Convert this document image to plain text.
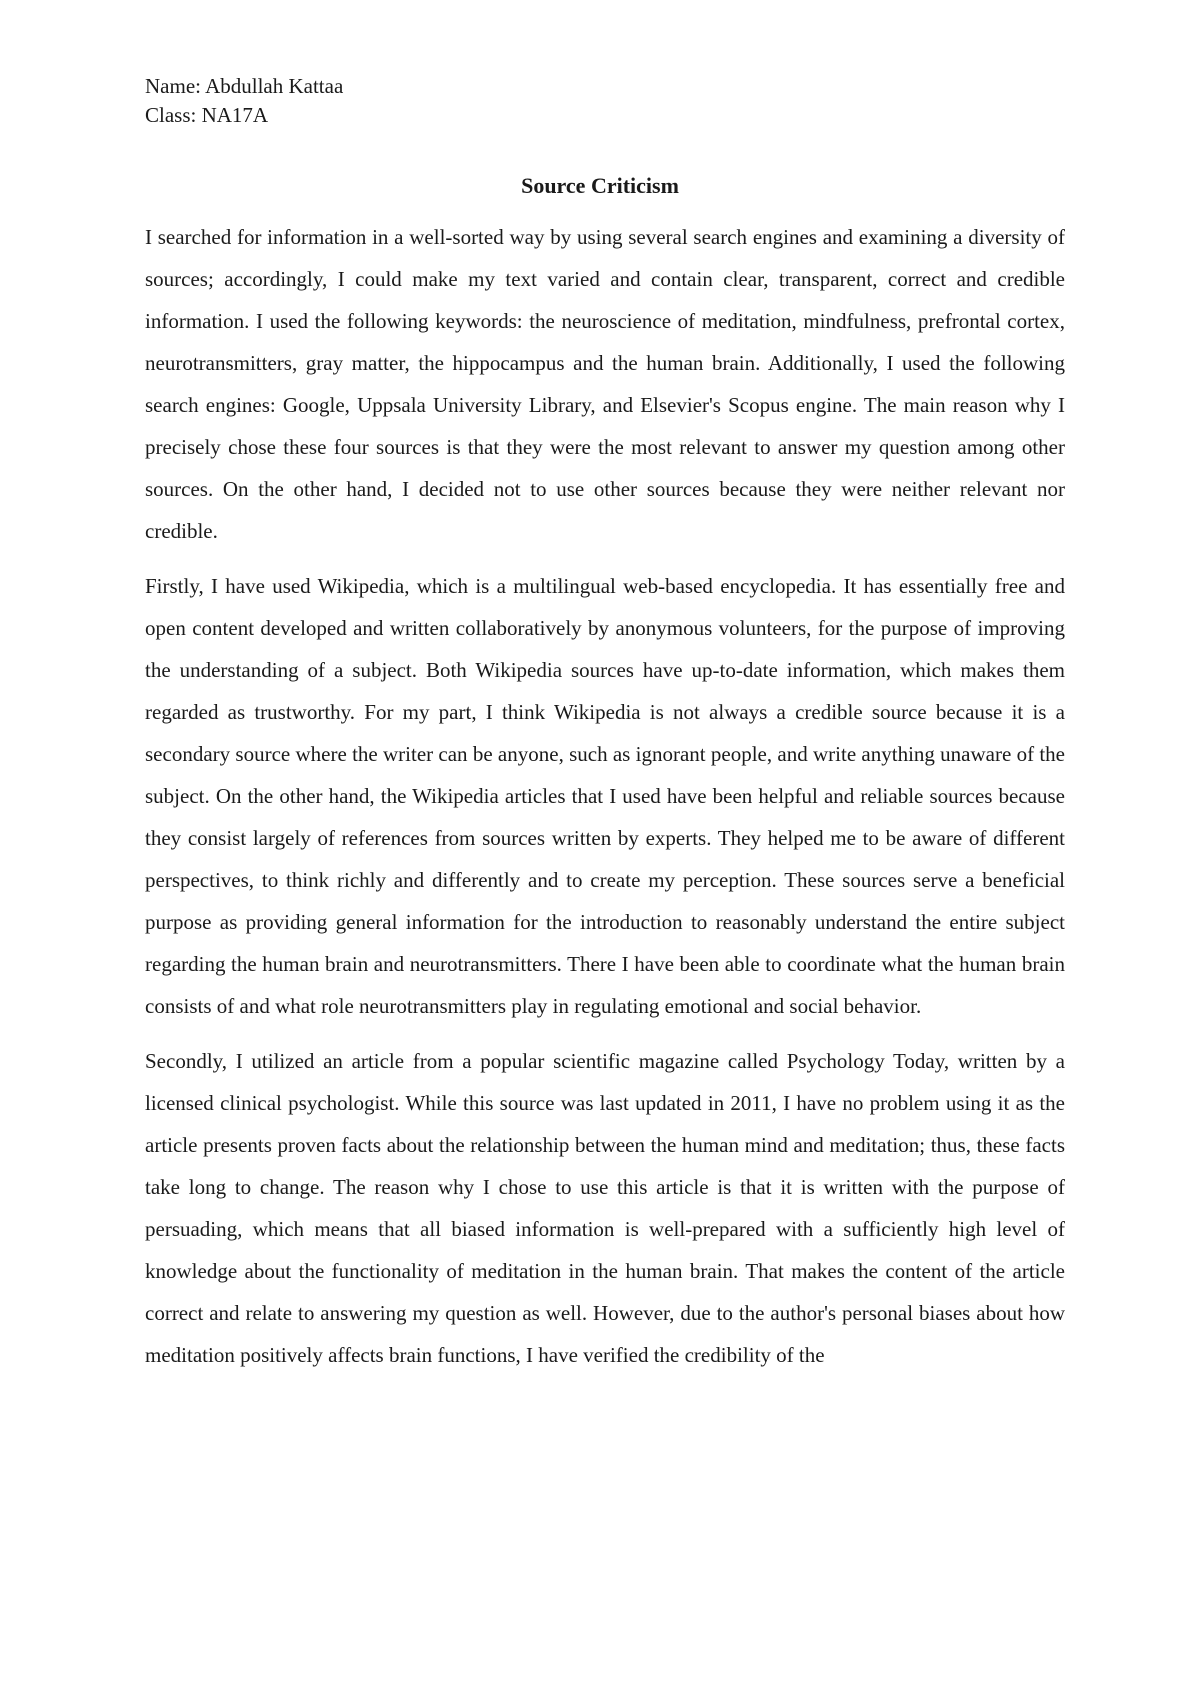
Name: Abdullah Kattaa
Class: NA17A
Source Criticism

I searched for information in a well-sorted way by using several search engines and examining a diversity of sources; accordingly, I could make my text varied and contain clear, transparent, correct and credible information. I used the following keywords: the neuroscience of meditation, mindfulness, prefrontal cortex, neurotransmitters, gray matter, the hippocampus and the human brain. Additionally, I used the following search engines: Google, Uppsala University Library, and Elsevier's Scopus engine. The main reason why I precisely chose these four sources is that they were the most relevant to answer my question among other sources. On the other hand, I decided not to use other sources because they were neither relevant nor credible.

Firstly, I have used Wikipedia, which is a multilingual web-based encyclopedia. It has essentially free and open content developed and written collaboratively by anonymous volunteers, for the purpose of improving the understanding of a subject. Both Wikipedia sources have up-to-date information, which makes them regarded as trustworthy. For my part, I think Wikipedia is not always a credible source because it is a secondary source where the writer can be anyone, such as ignorant people, and write anything unaware of the subject. On the other hand, the Wikipedia articles that I used have been helpful and reliable sources because they consist largely of references from sources written by experts. They helped me to be aware of different perspectives, to think richly and differently and to create my perception. These sources serve a beneficial purpose as providing general information for the introduction to reasonably understand the entire subject regarding the human brain and neurotransmitters. There I have been able to coordinate what the human brain consists of and what role neurotransmitters play in regulating emotional and social behavior.

Secondly, I utilized an article from a popular scientific magazine called Psychology Today, written by a licensed clinical psychologist. While this source was last updated in 2011, I have no problem using it as the article presents proven facts about the relationship between the human mind and meditation; thus, these facts take long to change. The reason why I chose to use this article is that it is written with the purpose of persuading, which means that all biased information is well-prepared with a sufficiently high level of knowledge about the functionality of meditation in the human brain. That makes the content of the article correct and relate to answering my question as well. However, due to the author's personal biases about how meditation positively affects brain functions, I have verified the credibility of the
